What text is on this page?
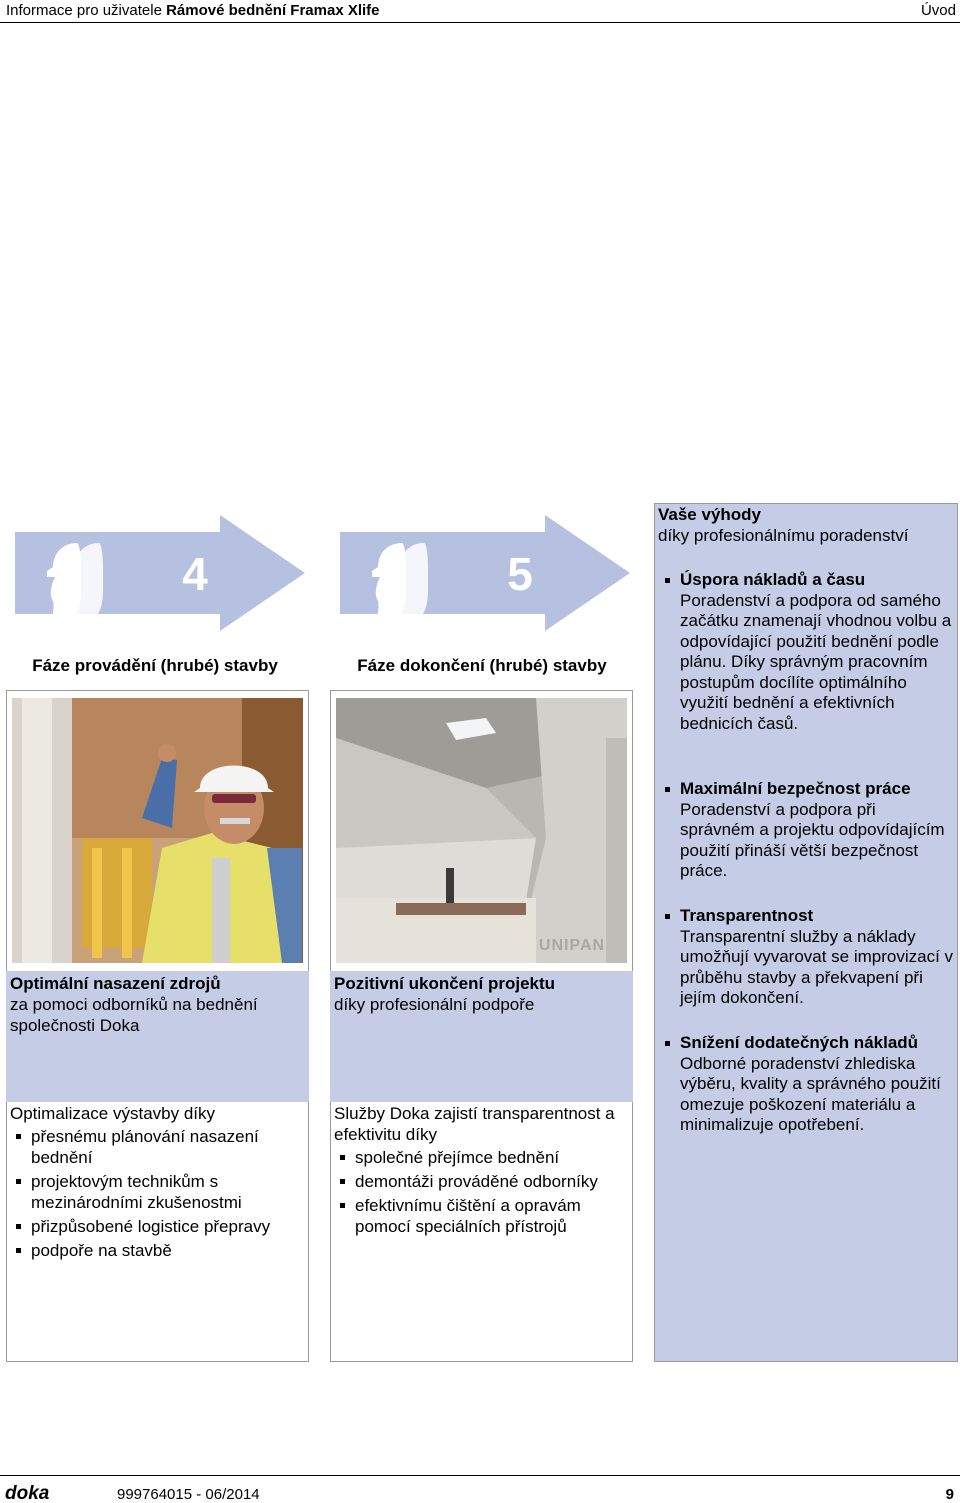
Informace pro uživatele Rámové bednění Framax Xlife	Úvod
4
Fáze provádění (hrubé) stavby
5
Fáze dokončení (hrubé) stavby
Optimální nasazení zdrojů
za pomoci odborníků na bednění společnosti Doka
Optimalizace výstavby díky
přesnému plánování nasazení bednění
projektovým technikům s mezinárodními zkušenostmi
přizpůsobené logistice přepravy
podpoře na stavbě
UNIPAN
Pozitivní ukončení projektu
díky profesionální podpoře
Služby Doka zajistí transparentnost a efektivitu díky
společné přejímce bednění
demontáži prováděné odborníky
efektivnímu čištění a opravám pomocí speciálních přístrojů
Vaše výhody
díky profesionálnímu poradenství
Úspora nákladů a času
Poradenství a podpora od samého začátku znamenají vhodnou volbu a odpovídající použití bednění podle plánu. Díky správným pracovním postupům docílíte optimálního využití bednění a efektivních bednicích časů.
Maximální bezpečnost práce
Poradenství a podpora při správném a projektu odpovídajícím použití přináší větší bezpečnost práce.
Transparentnost
Transparentní služby a náklady umožňují vyvarovat se improvizací v průběhu stavby a překvapení při jejím dokončení.
Snížení dodatečných nákladů
Odborné poradenství zhlediska výběru, kvality a správného použití omezuje poškození materiálu a minimalizuje opotřebení.
doka	999764015 - 06/2014	9
